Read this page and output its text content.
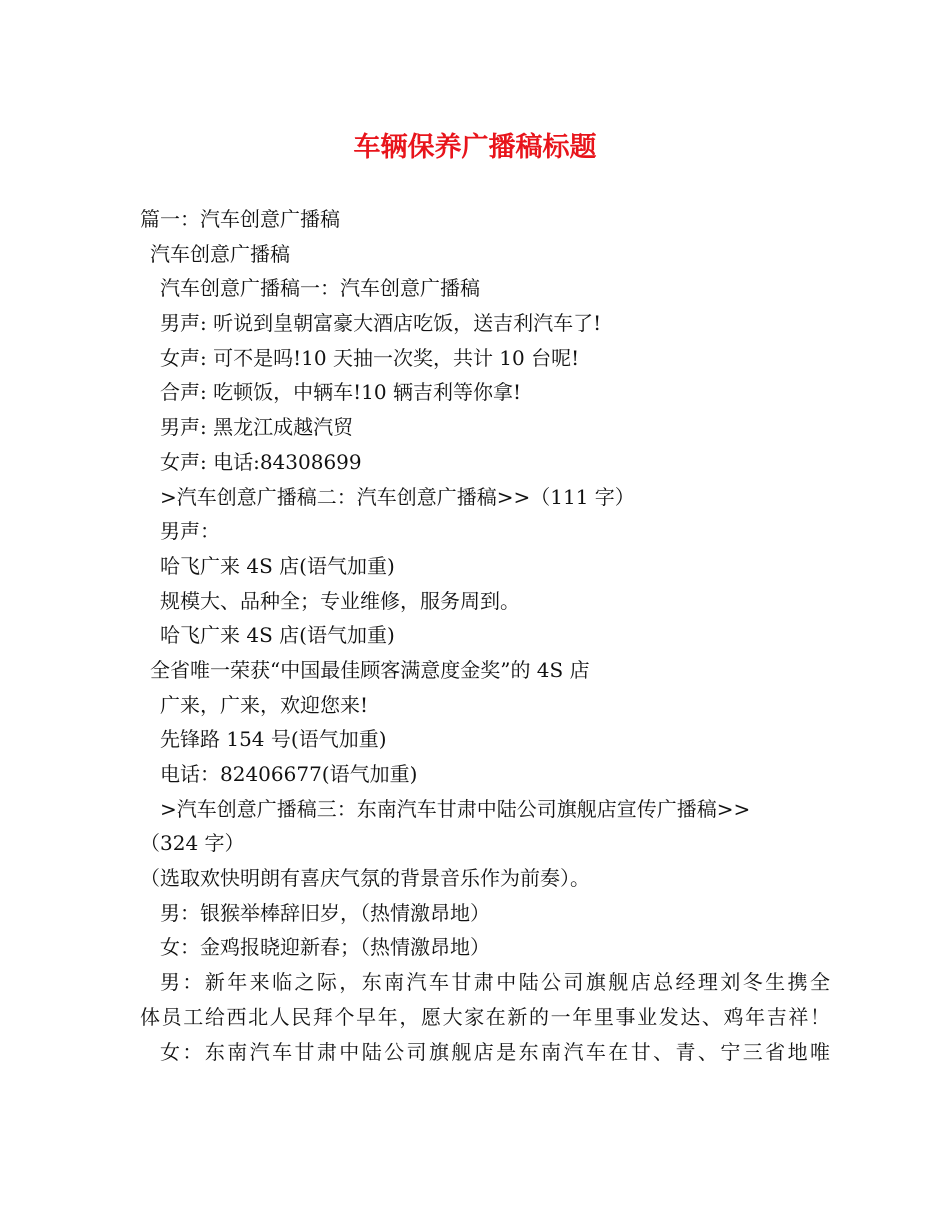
车辆保养广播稿标题
篇一：汽车创意广播稿
汽车创意广播稿
汽车创意广播稿一：汽车创意广播稿
男声: 听说到皇朝富豪大酒店吃饭，送吉利汽车了!
女声: 可不是吗!10 天抽一次奖，共计 10 台呢!
合声: 吃顿饭，中辆车!10 辆吉利等你拿!
男声: 黑龙江成越汽贸
女声: 电话:84308699
>汽车创意广播稿二：汽车创意广播稿>>（111 字）
男声：
哈飞广来 4S 店(语气加重)
规模大、品种全；专业维修，服务周到。
哈飞广来 4S 店(语气加重)
全省唯一荣获“中国最佳顾客满意度金奖”的 4S 店
广来，广来，欢迎您来!
先锋路 154 号(语气加重)
电话：82406677(语气加重)
>汽车创意广播稿三：东南汽车甘肃中陆公司旗舰店宣传广播稿>>
（324 字）
（选取欢快明朗有喜庆气氛的背景音乐作为前奏）。
男：银猴举棒辞旧岁，（热情激昂地）
女：金鸡报晓迎新春；（热情激昂地）
男：新年来临之际，东南汽车甘肃中陆公司旗舰店总经理刘冬生携全
体员工给西北人民拜个早年，愿大家在新的一年里事业发达、鸡年吉祥！
女：东南汽车甘肃中陆公司旗舰店是东南汽车在甘、青、宁三省地唯
